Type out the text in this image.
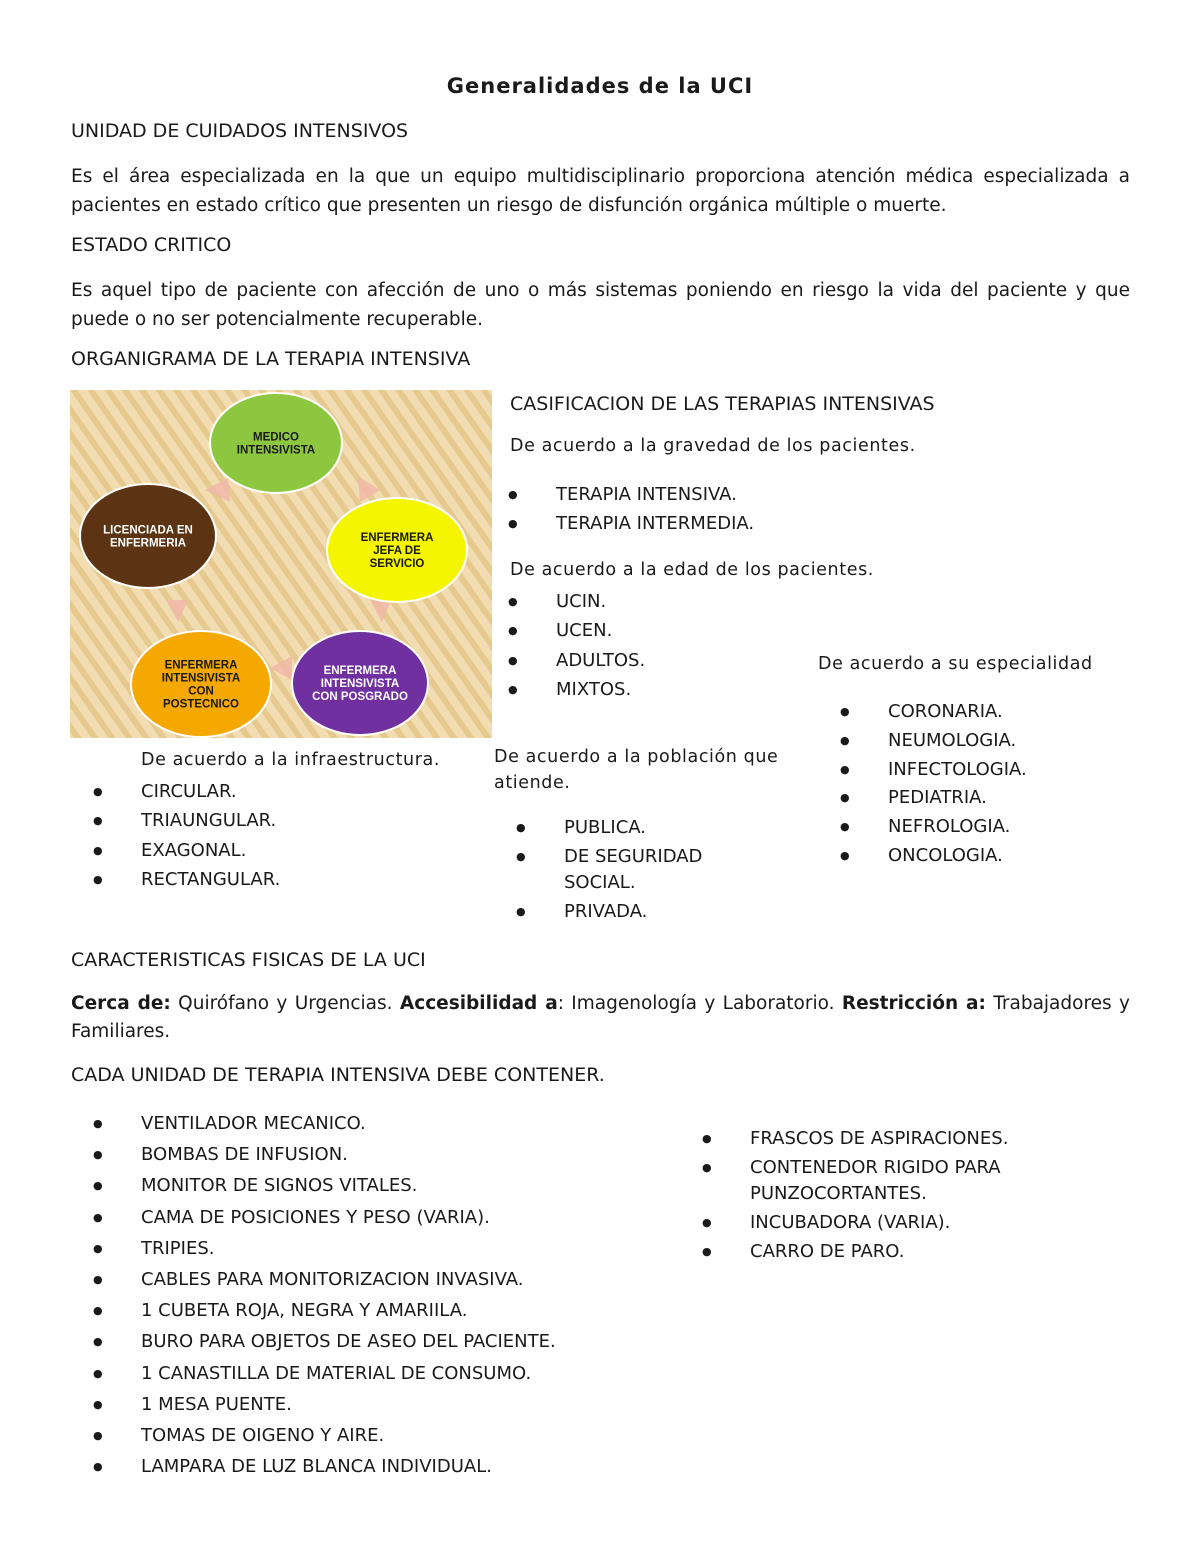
Generalidades de la UCI
UNIDAD DE CUIDADOS INTENSIVOS
Es el área especializada en la que un equipo multidisciplinario proporciona atención médica especializada a pacientes en estado crítico que presenten un riesgo de disfunción orgánica múltiple o muerte.
ESTADO CRITICO
Es aquel tipo de paciente con afección de uno o más sistemas poniendo en riesgo la vida del paciente y que puede o no ser potencialmente recuperable.
ORGANIGRAMA DE LA TERAPIA INTENSIVA
MEDICO
INTENSIVISTA
ENFERMERA
JEFA DE
SERVICIO
ENFERMERA
INTENSIVISTA
CON POSGRADO
ENFERMERA
INTENSIVISTA
CON
POSTECNICO
LICENCIADA EN
ENFERMERIA
CASIFICACION DE LAS TERAPIAS INTENSIVAS
De acuerdo a la gravedad de los pacientes.
● TERAPIA INTENSIVA.
● TERAPIA INTERMEDIA.
De acuerdo a la edad de los pacientes.
● UCIN.
● UCEN.
● ADULTOS.
● MIXTOS.
De acuerdo a su especialidad
● CORONARIA.
● NEUMOLOGIA.
● INFECTOLOGIA.
● PEDIATRIA.
● NEFROLOGIA.
● ONCOLOGIA.
De acuerdo a la infraestructura.
● CIRCULAR.
● TRIAUNGULAR.
● EXAGONAL.
● RECTANGULAR.
De acuerdo a la población que
atiende.
● PUBLICA.
● DE SEGURIDAD SOCIAL.
● PRIVADA.
CARACTERISTICAS FISICAS DE LA UCI
Cerca de: Quirófano y Urgencias. Accesibilidad a: Imagenología y Laboratorio. Restricción a: Trabajadores y Familiares.
CADA UNIDAD DE TERAPIA INTENSIVA DEBE CONTENER.
● VENTILADOR MECANICO.
● BOMBAS DE INFUSION.
● MONITOR DE SIGNOS VITALES.
● CAMA DE POSICIONES Y PESO (VARIA).
● TRIPIES.
● CABLES PARA MONITORIZACION INVASIVA.
● 1 CUBETA ROJA, NEGRA Y AMARIILA.
● BURO PARA OBJETOS DE ASEO DEL PACIENTE.
● 1 CANASTILLA DE MATERIAL DE CONSUMO.
● 1 MESA PUENTE.
● TOMAS DE OIGENO Y AIRE.
● LAMPARA DE LUZ BLANCA INDIVIDUAL.
● FRASCOS DE ASPIRACIONES.
● CONTENEDOR RIGIDO PARA PUNZOCORTANTES.
● INCUBADORA (VARIA).
● CARRO DE PARO.
